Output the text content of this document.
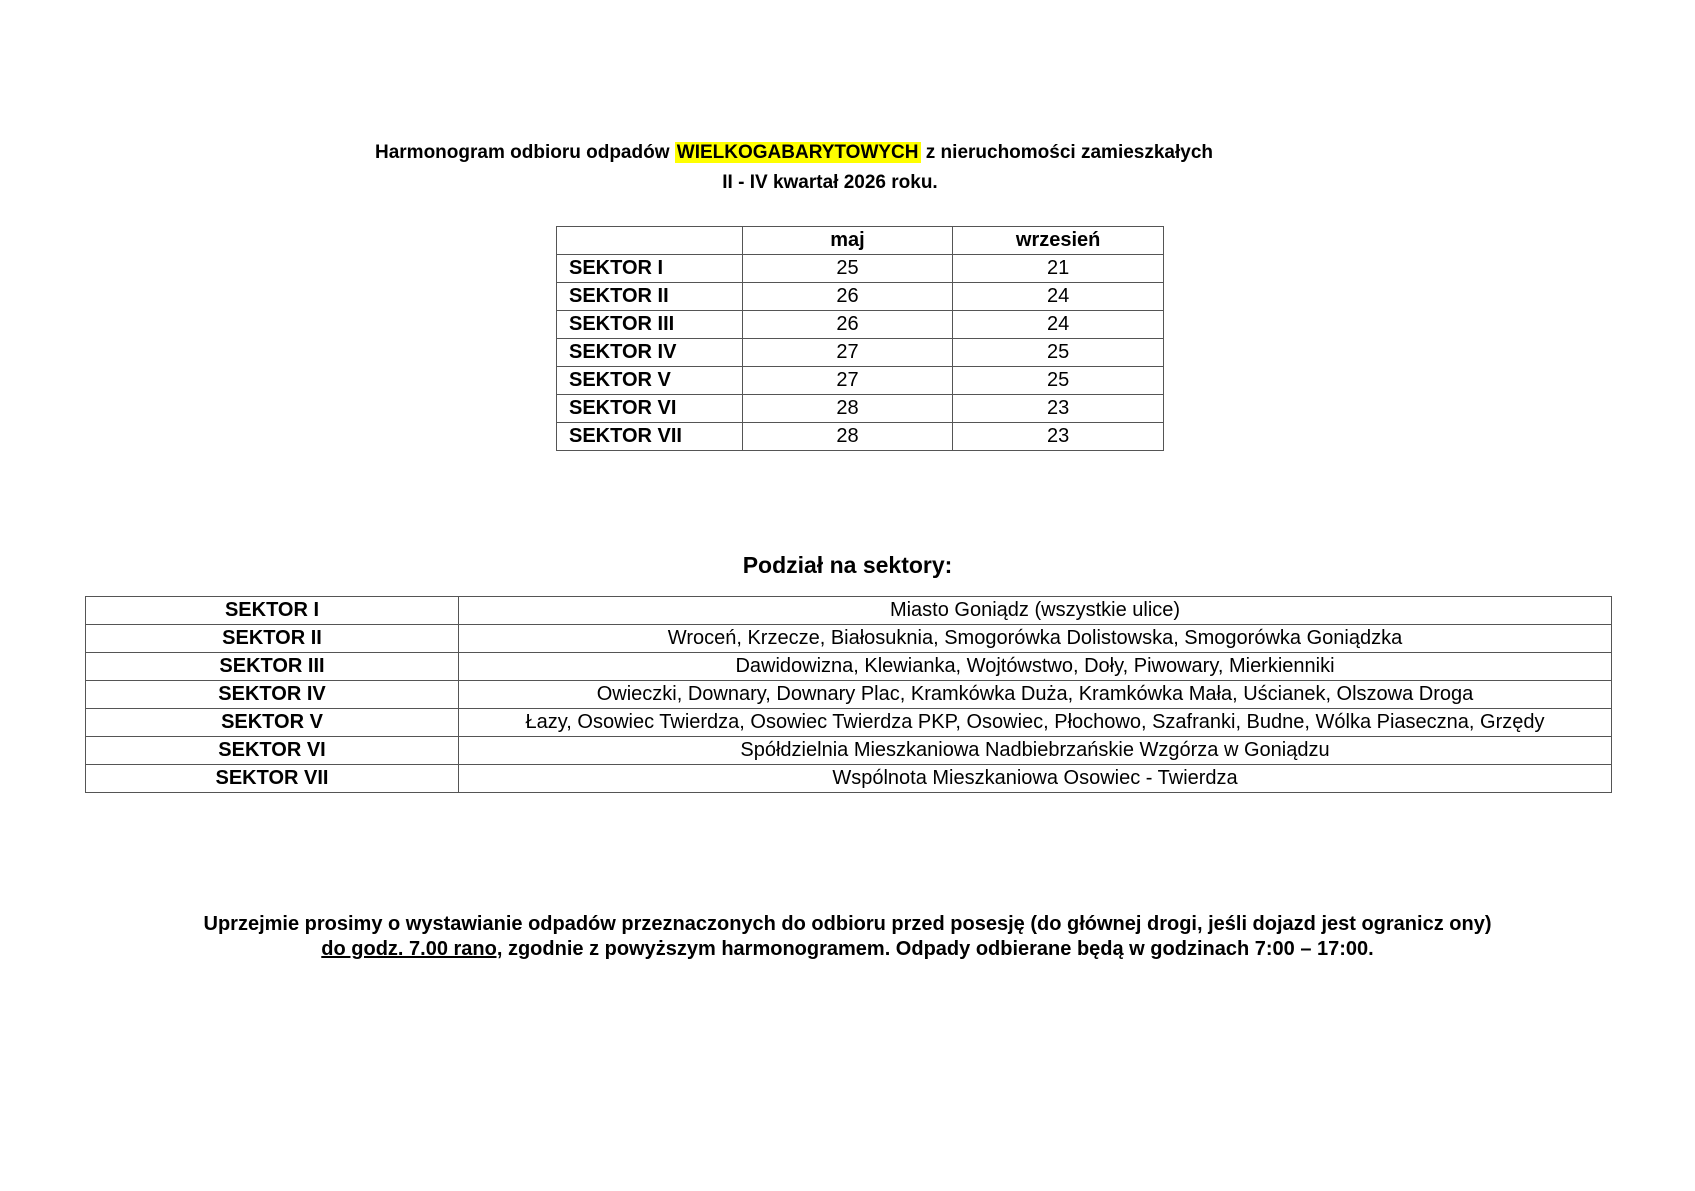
Harmonogram odbioru odpadów WIELKOGABARYTOWYCH z nieruchomości zamieszkałych
II - IV kwartał 2026 roku.
	maj	wrzesień
SEKTOR I	25	21
SEKTOR II	26	24
SEKTOR III	26	24
SEKTOR IV	27	25
SEKTOR V	27	25
SEKTOR VI	28	23
SEKTOR VII	28	23
Podział na sektory:
SEKTOR I	Miasto Goniądz (wszystkie ulice)
SEKTOR II	Wroceń, Krzecze, Białosuknia, Smogorówka Dolistowska, Smogorówka Goniądzka
SEKTOR III	Dawidowizna, Klewianka, Wojtówstwo, Doły, Piwowary, Mierkienniki
SEKTOR IV	Owieczki, Downary, Downary Plac, Kramkówka Duża, Kramkówka Mała, Uścianek, Olszowa Droga
SEKTOR V	Łazy, Osowiec Twierdza, Osowiec Twierdza PKP, Osowiec, Płochowo, Szafranki, Budne, Wólka Piaseczna, Grzędy
SEKTOR VI	Spółdzielnia Mieszkaniowa Nadbiebrzańskie Wzgórza w Goniądzu
SEKTOR VII	Wspólnota Mieszkaniowa Osowiec - Twierdza
Uprzejmie prosimy o wystawianie odpadów przeznaczonych do odbioru przed posesję (do głównej drogi, jeśli dojazd jest ogranicz ony)
do godz. 7.00 rano, zgodnie z powyższym harmonogramem. Odpady odbierane będą w godzinach 7:00 – 17:00.
